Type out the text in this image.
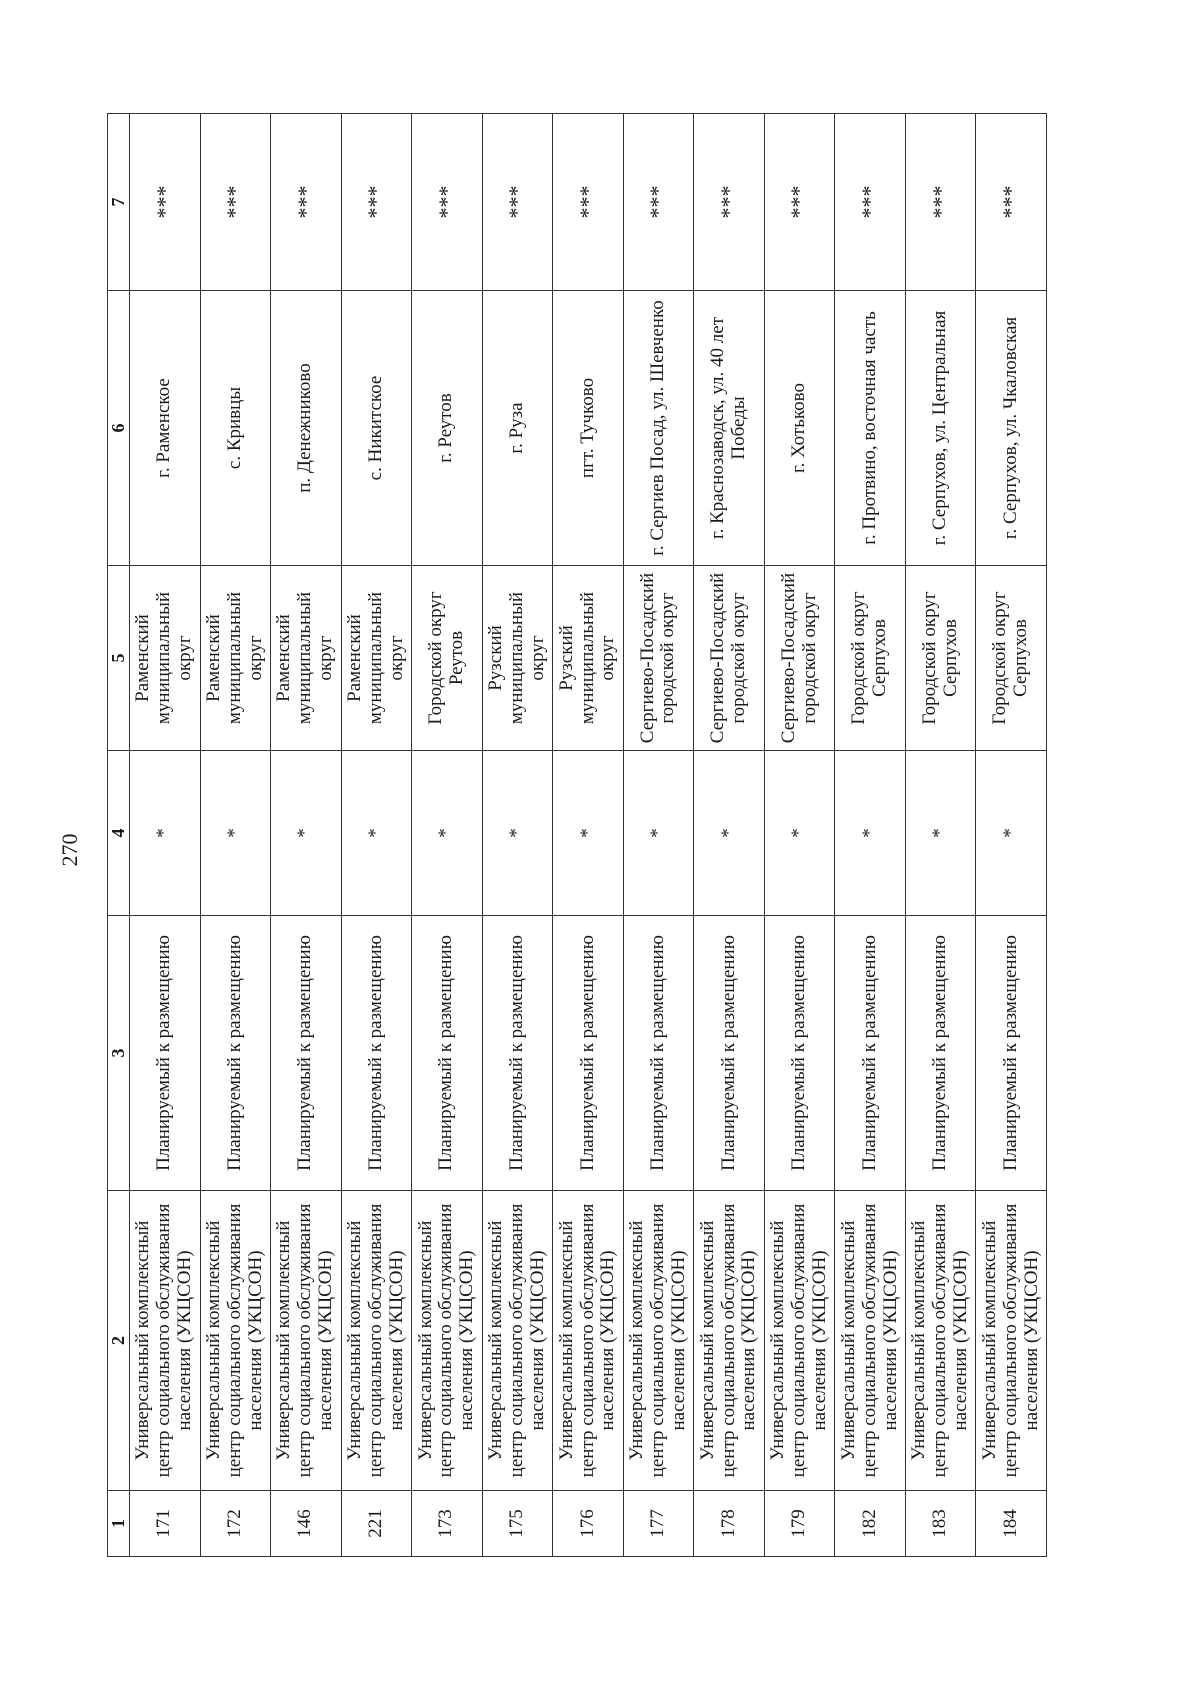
270
1	2	3	4	5	6	7
171	Универсальный комплексный центр социального обслуживания населения (УКЦСОН)	Планируемый к размещению	*	Раменский муниципальный округ	г. Раменское	***
172	Универсальный комплексный центр социального обслуживания населения (УКЦСОН)	Планируемый к размещению	*	Раменский муниципальный округ	с. Кривцы	***
146	Универсальный комплексный центр социального обслуживания населения (УКЦСОН)	Планируемый к размещению	*	Раменский муниципальный округ	п. Денежниково	***
221	Универсальный комплексный центр социального обслуживания населения (УКЦСОН)	Планируемый к размещению	*	Раменский муниципальный округ	с. Никитское	***
173	Универсальный комплексный центр социального обслуживания населения (УКЦСОН)	Планируемый к размещению	*	Городской округ Реутов	г. Реутов	***
175	Универсальный комплексный центр социального обслуживания населения (УКЦСОН)	Планируемый к размещению	*	Рузский муниципальный округ	г. Руза	***
176	Универсальный комплексный центр социального обслуживания населения (УКЦСОН)	Планируемый к размещению	*	Рузский муниципальный округ	пгт. Тучково	***
177	Универсальный комплексный центр социального обслуживания населения (УКЦСОН)	Планируемый к размещению	*	Сергиево-Посадский городской округ	г. Сергиев Посад, ул. Шевченко	***
178	Универсальный комплексный центр социального обслуживания населения (УКЦСОН)	Планируемый к размещению	*	Сергиево-Посадский городской округ	г. Краснозаводск, ул. 40 лет Победы	***
179	Универсальный комплексный центр социального обслуживания населения (УКЦСОН)	Планируемый к размещению	*	Сергиево-Посадский городской округ	г. Хотьково	***
182	Универсальный комплексный центр социального обслуживания населения (УКЦСОН)	Планируемый к размещению	*	Городской округ Серпухов	г. Протвино, восточная часть	***
183	Универсальный комплексный центр социального обслуживания населения (УКЦСОН)	Планируемый к размещению	*	Городской округ Серпухов	г. Серпухов, ул. Центральная	***
184	Универсальный комплексный центр социального обслуживания населения (УКЦСОН)	Планируемый к размещению	*	Городской округ Серпухов	г. Серпухов, ул. Чкаловская	***
